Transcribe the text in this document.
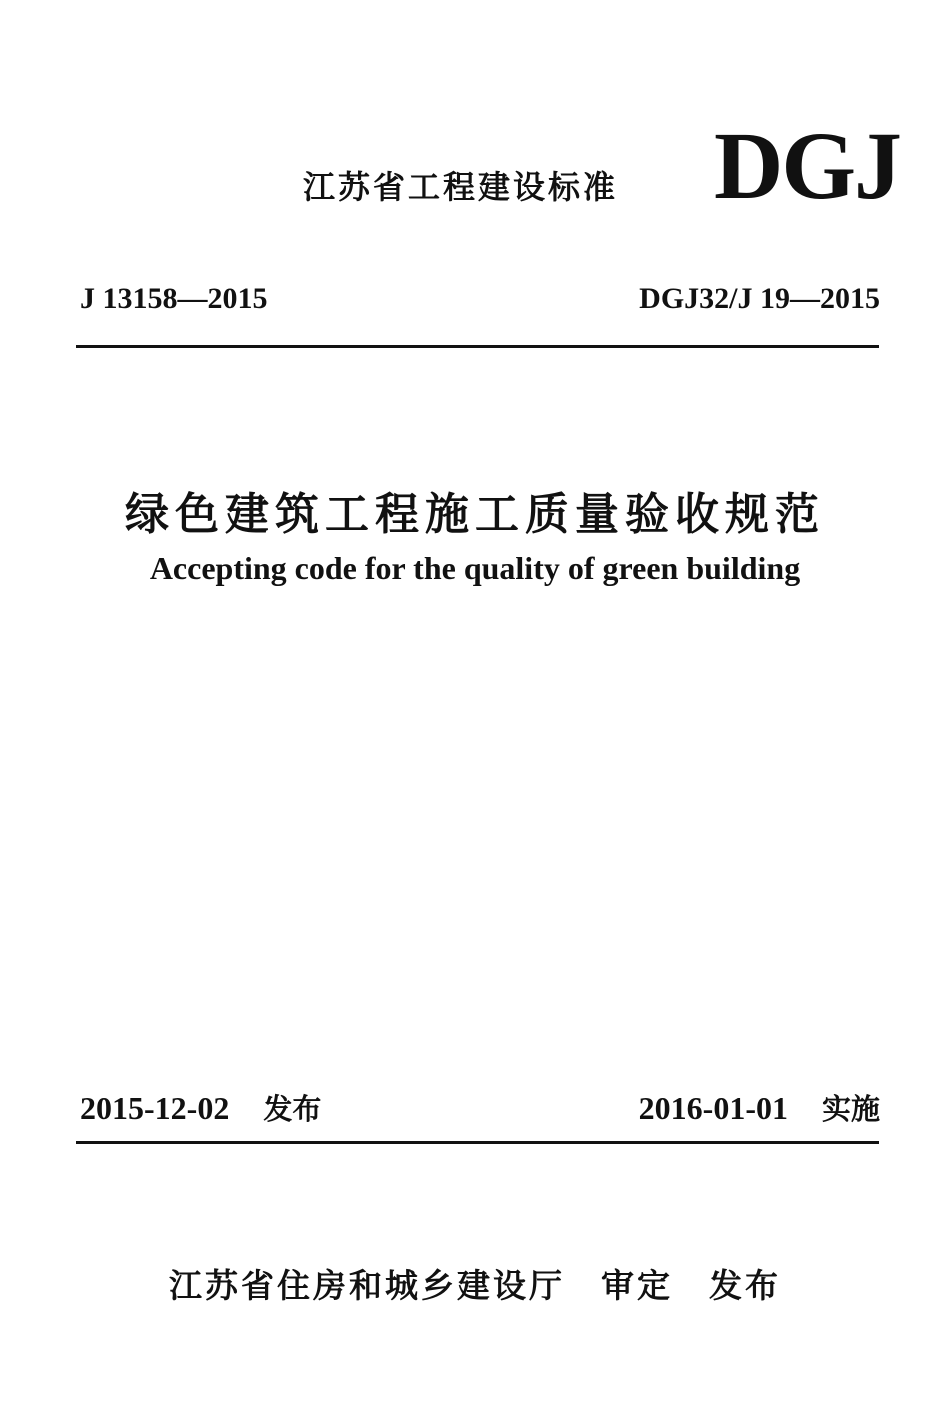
江苏省工程建设标准 DGJ
J 13158—2015	DGJ32/J 19—2015
绿色建筑工程施工质量验收规范
Accepting code for the quality of green building
2015-12-02 发布	2016-01-01 实施
江苏省住房和城乡建设厅 审定 发布
